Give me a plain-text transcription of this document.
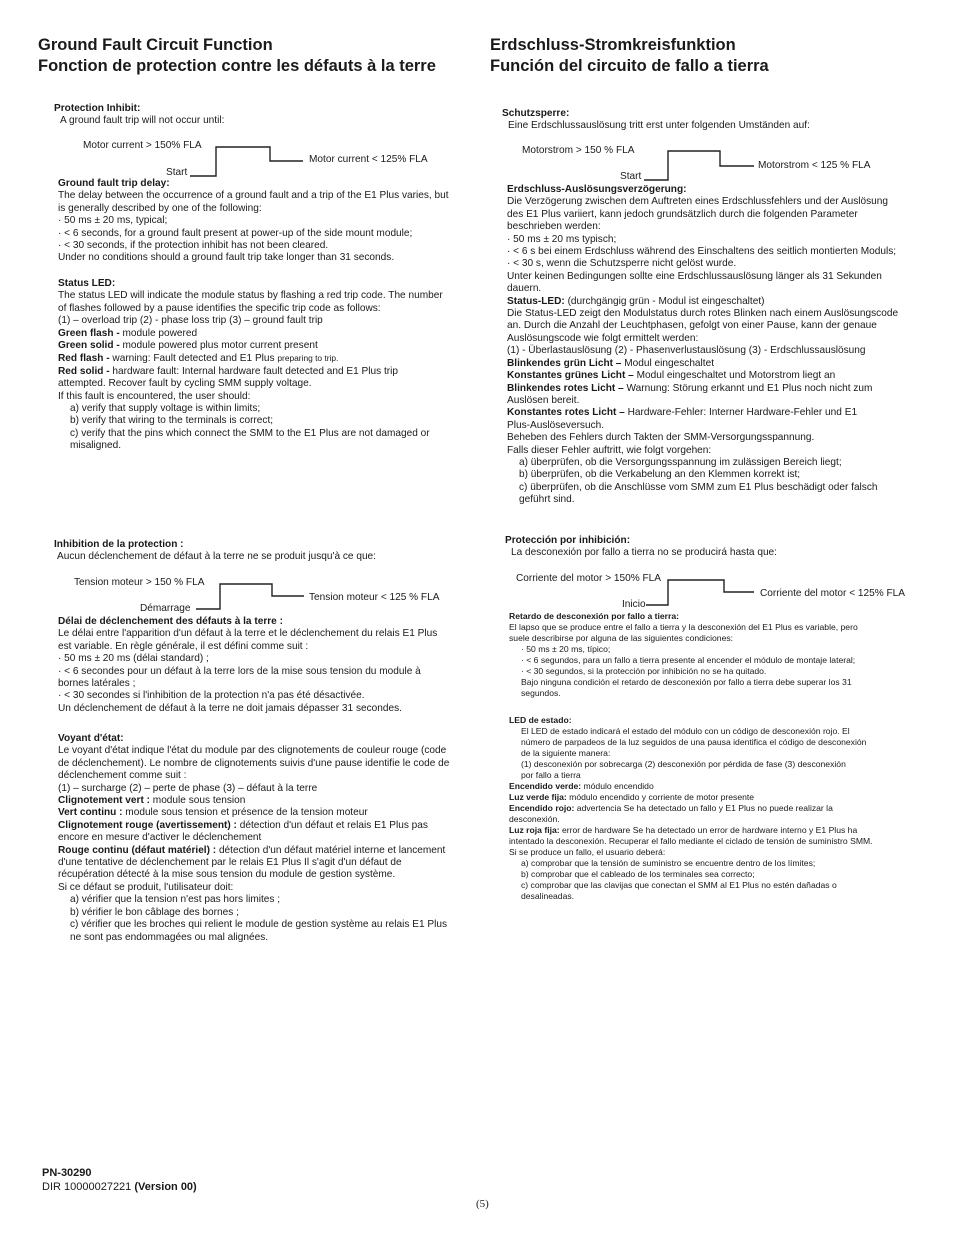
Ground Fault Circuit Function
Fonction de protection contre les défauts à la terre
Erdschluss-Stromkreisfunktion
Función del circuito de fallo a tierra

Protection Inhibit:

A ground fault trip will not occur until:

Motor current > 150% FLA
Start
Motor current < 125% FLA

Ground fault trip delay:

The delay between the occurrence of a ground fault and a trip of the E1 Plus varies, but

is generally described by one of the following:

· 50 ms ± 20 ms, typical;

· < 6 seconds, for a ground fault present at power-up of the side mount module;

· < 30 seconds, if the protection inhibit has not been cleared.

Under no conditions should a ground fault trip take longer than 31 seconds.

Status LED:

The status LED will indicate the module status by flashing a red trip code. The number

of flashes followed by a pause identifies the specific trip code as follows:

(1) – overload trip (2) - phase loss trip (3) – ground fault trip

Green flash - module powered

Green solid - module powered plus motor current present

Red flash - warning: Fault detected and E1 Plus preparing to trip.

Red solid - hardware fault: Internal hardware fault detected and E1 Plus trip

attempted. Recover fault by cycling SMM supply voltage.

If this fault is encountered, the user should:

a) verify that supply voltage is within limits;

b) verify that wiring to the terminals is correct;

c) verify that the pins which connect the SMM to the E1 Plus are not damaged or

misaligned.

Schutzsperre:

Eine Erdschlussauslösung tritt erst unter folgenden Umständen auf:

Motorstrom > 150 % FLA
Start
Motorstrom < 125 % FLA

Erdschluss-Auslösungsverzögerung:

Die Verzögerung zwischen dem Auftreten eines Erdschlussfehlers und der Auslösung

des E1 Plus variiert, kann jedoch grundsätzlich durch die folgenden Parameter

beschrieben werden:

· 50 ms ± 20 ms typisch;

· < 6 s bei einem Erdschluss während des Einschaltens des seitlich montierten Moduls;

· < 30 s, wenn die Schutzsperre nicht gelöst wurde.

Unter keinen Bedingungen sollte eine Erdschlussauslösung länger als 31 Sekunden

dauern.

Status-LED: (durchgängig grün - Modul ist eingeschaltet)

Die Status-LED zeigt den Modulstatus durch rotes Blinken nach einem Auslösungscode

an. Durch die Anzahl der Leuchtphasen, gefolgt von einer Pause, kann der genaue

Auslösungscode wie folgt ermittelt werden:

(1) - Überlastauslösung (2) - Phasenverlustauslösung (3) - Erdschlussauslösung

Blinkendes grün Licht – Modul eingeschaltet

Konstantes grünes Licht – Modul eingeschaltet und Motorstrom liegt an

Blinkendes rotes Licht – Warnung: Störung erkannt und E1 Plus noch nicht zum

Auslösen bereit.

Konstantes rotes Licht – Hardware-Fehler: Interner Hardware-Fehler und E1

Plus-Auslöseversuch.

Beheben des Fehlers durch Takten der SMM-Versorgungsspannung.

Falls dieser Fehler auftritt, wie folgt vorgehen:

a) überprüfen, ob die Versorgungsspannung im zulässigen Bereich liegt;

b) überprüfen, ob die Verkabelung an den Klemmen korrekt ist;

c) überprüfen, ob die Anschlüsse vom SMM zum E1 Plus beschädigt oder falsch

geführt sind.

Inhibition de la protection :

Aucun déclenchement de défaut à la terre ne se produit jusqu'à ce que:

Tension moteur > 150 % FLA
Démarrage
Tension moteur < 125 % FLA

Délai de déclenchement des défauts à la terre :

Le délai entre l'apparition d'un défaut à la terre et le déclenchement du relais E1 Plus

est variable. En règle générale, il est défini comme suit :

· 50 ms ± 20 ms (délai standard) ;

· < 6 secondes pour un défaut à la terre lors de la mise sous tension du module à

bornes latérales ;

· < 30 secondes si l'inhibition de la protection n'a pas été désactivée.

Un déclenchement de défaut à la terre ne doit jamais dépasser 31 secondes.

Voyant d'état:

Le voyant d'état indique l'état du module par des clignotements de couleur rouge (code

de déclenchement). Le nombre de clignotements suivis d'une pause identifie le code de

déclenchement comme suit :

(1) – surcharge (2) – perte de phase (3) – défaut à la terre

Clignotement vert : module sous tension

Vert continu : module sous tension et présence de la tension moteur

Clignotement rouge (avertissement) : détection d'un défaut et relais E1 Plus pas

encore en mesure d'activer le déclenchement

Rouge continu (défaut matériel) : détection d'un défaut matériel interne et lancement

d'une tentative de déclenchement par le relais E1 Plus Il s'agit d'un défaut de

récupération détecté à la mise sous tension du module de gestion système.

Si ce défaut se produit, l'utilisateur doit:

a) vérifier que la tension n'est pas hors limites ;

b) vérifier le bon câblage des bornes ;

c) vérifier que les broches qui relient le module de gestion système au relais E1 Plus

ne sont pas endommagées ou mal alignées.

Protección por inhibición:

La desconexión por fallo a tierra no se producirá hasta que:

Corriente del motor > 150% FLA
Inicio
Corriente del motor < 125% FLA

Retardo de desconexión por fallo a tierra:

El lapso que se produce entre el fallo a tierra y la desconexión del E1 Plus es variable, pero

suele describirse por alguna de las siguientes condiciones:

· 50 ms ± 20 ms, típico;

· < 6 segundos, para un fallo a tierra presente al encender el módulo de montaje lateral;

· < 30 segundos, si la protección por inhibición no se ha quitado.

Bajo ninguna condición el retardo de desconexión por fallo a tierra debe superar los 31

segundos.

LED de estado:

El LED de estado indicará el estado del módulo con un código de desconexión rojo. El

número de parpadeos de la luz seguidos de una pausa identifica el código de desconexión

de la siguiente manera:

(1) desconexión por sobrecarga (2) desconexión por pérdida de fase (3) desconexión

por fallo a tierra

Encendido verde: módulo encendido

Luz verde fija: módulo encendido y corriente de motor presente

Encendido rojo: advertencia Se ha detectado un fallo y E1 Plus no puede realizar la

desconexión.

Luz roja fija: error de hardware Se ha detectado un error de hardware interno y E1 Plus ha

intentado la desconexión. Recuperar el fallo mediante el ciclado de tensión de suministro SMM.

Si se produce un fallo, el usuario deberá:

a) comprobar que la tensión de suministro se encuentre dentro de los límites;

b) comprobar que el cableado de los terminales sea correcto;

c) comprobar que las clavijas que conectan el SMM al E1 Plus no estén dañadas o

desalineadas.

PN-30290
DIR 10000027221 (Version 00)
(5)
